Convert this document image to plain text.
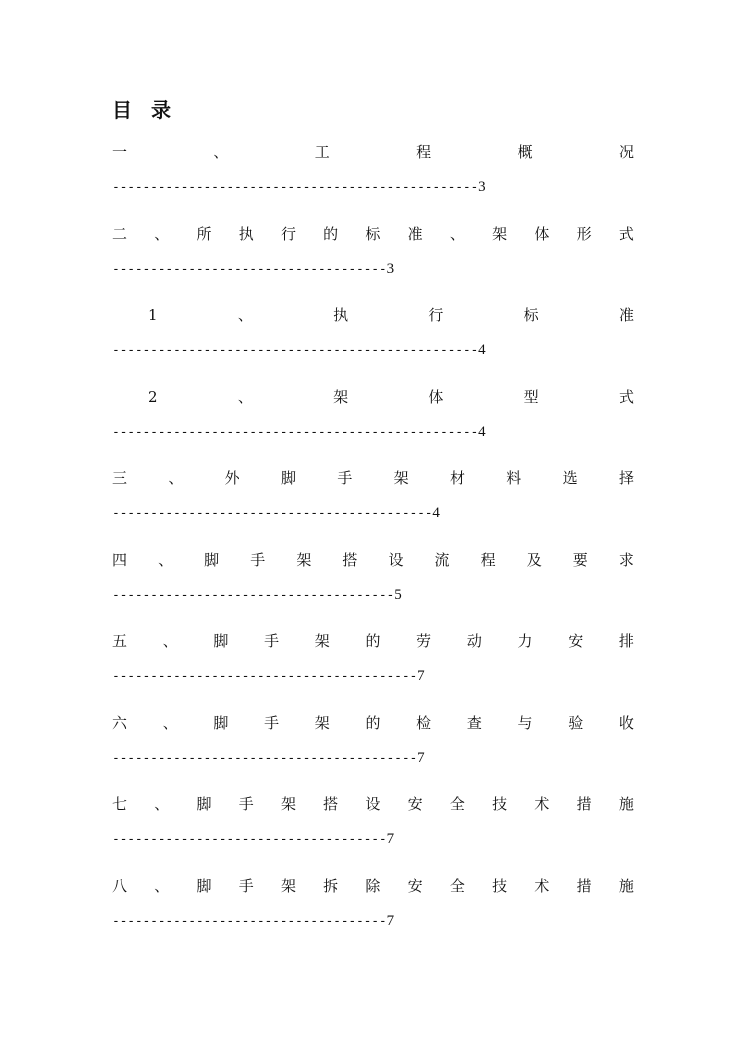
目 录
一	、	工	程	概	况
------------------------------------------------3
二 、 所 执 行 的 标 准 、 架 体 形 式
------------------------------------3
1	、	执	行	标	准
------------------------------------------------4
2	、	架	体	型	式
------------------------------------------------4
三	、	外	脚	手	架	材	料	选	择
------------------------------------------4
四 、 脚 手 架 搭 设 流 程 及 要 求
-------------------------------------5
五 、 脚 手 架 的 劳 动 力 安 排
----------------------------------------7
六 、 脚 手 架 的 检 查 与 验 收
----------------------------------------7
七 、 脚 手 架 搭 设 安 全 技 术 措 施
------------------------------------7
八 、 脚 手 架 拆 除 安 全 技 术 措 施
------------------------------------7
